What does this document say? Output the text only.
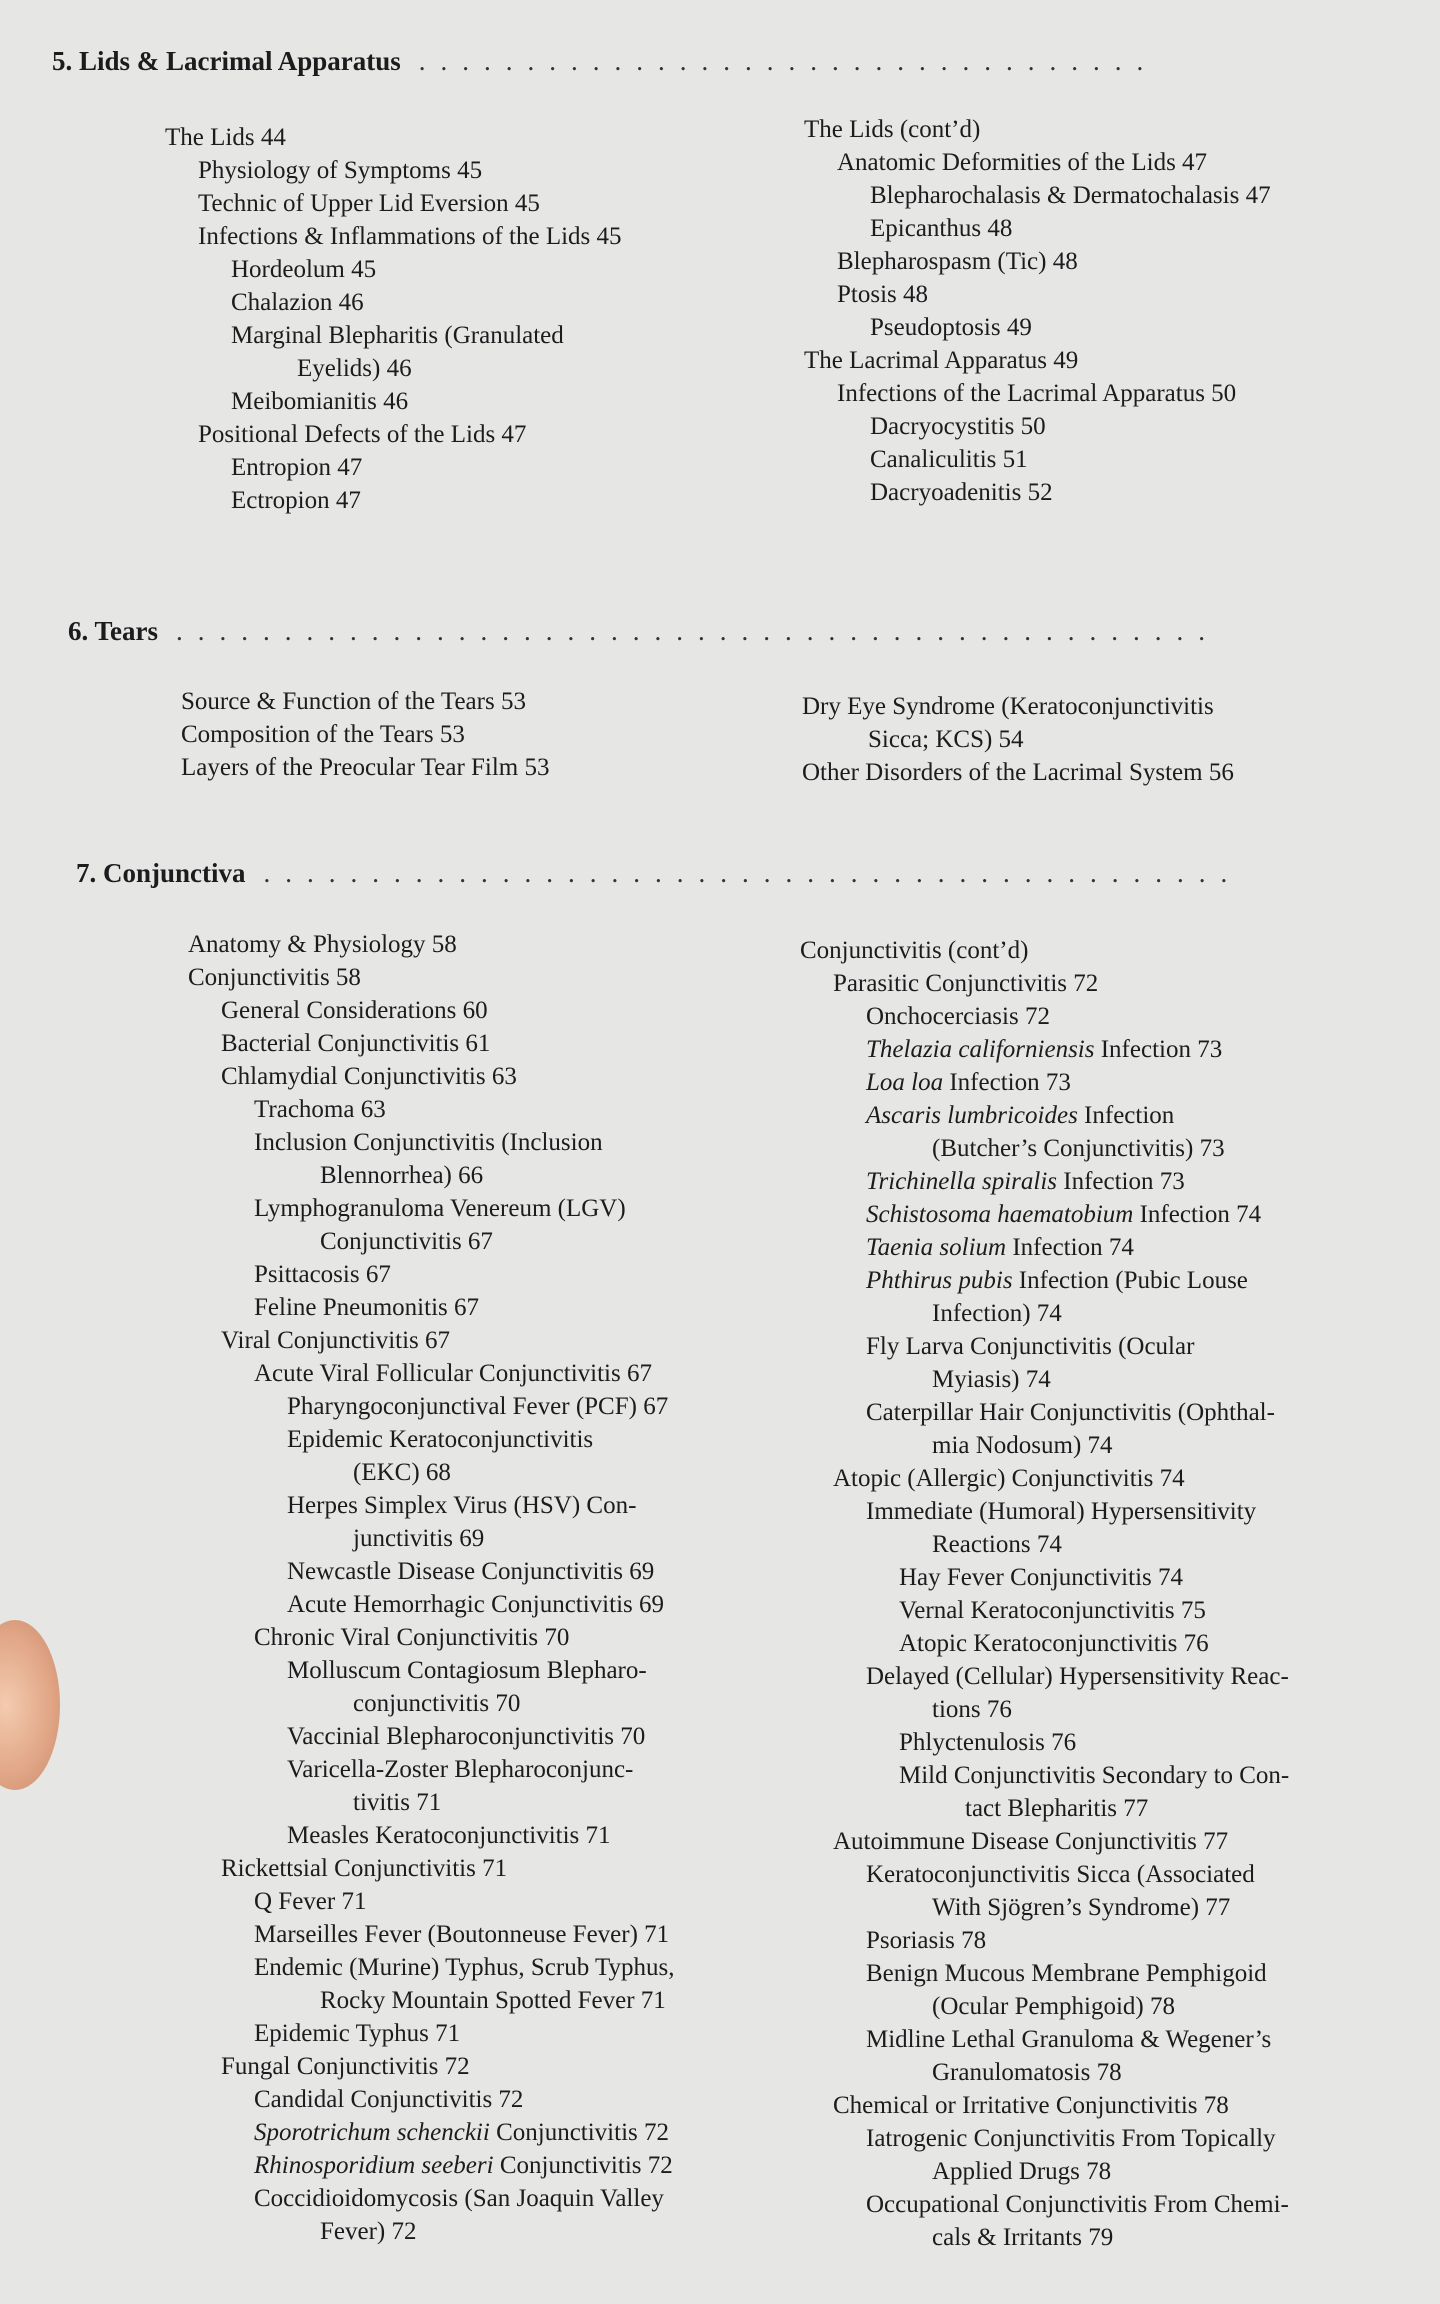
5. Lids & Lacrimal Apparatus ..................................
The Lids 44
Physiology of Symptoms 45
Technic of Upper Lid Eversion 45
Infections & Inflammations of the Lids 45
Hordeolum 45
Chalazion 46
Marginal Blepharitis (Granulated
Eyelids) 46
Meibomianitis 46
Positional Defects of the Lids 47
Entropion 47
Ectropion 47
The Lids (cont’d)
Anatomic Deformities of the Lids 47
Blepharochalasis & Dermatochalasis 47
Epicanthus 48
Blepharospasm (Tic) 48
Ptosis 48
Pseudoptosis 49
The Lacrimal Apparatus 49
Infections of the Lacrimal Apparatus 50
Dacryocystitis 50
Canaliculitis 51
Dacryoadenitis 52
6. Tears ................................................
Source & Function of the Tears 53
Composition of the Tears 53
Layers of the Preocular Tear Film 53
Dry Eye Syndrome (Keratoconjunctivitis
Sicca; KCS) 54
Other Disorders of the Lacrimal System 56
7. Conjunctiva .............................................
Anatomy & Physiology 58
Conjunctivitis 58
General Considerations 60
Bacterial Conjunctivitis 61
Chlamydial Conjunctivitis 63
Trachoma 63
Inclusion Conjunctivitis (Inclusion
Blennorrhea) 66
Lymphogranuloma Venereum (LGV)
Conjunctivitis 67
Psittacosis 67
Feline Pneumonitis 67
Viral Conjunctivitis 67
Acute Viral Follicular Conjunctivitis 67
Pharyngoconjunctival Fever (PCF) 67
Epidemic Keratoconjunctivitis
(EKC) 68
Herpes Simplex Virus (HSV) Con-
junctivitis 69
Newcastle Disease Conjunctivitis 69
Acute Hemorrhagic Conjunctivitis 69
Chronic Viral Conjunctivitis 70
Molluscum Contagiosum Blepharo-
conjunctivitis 70
Vaccinial Blepharoconjunctivitis 70
Varicella-Zoster Blepharoconjunc-
tivitis 71
Measles Keratoconjunctivitis 71
Rickettsial Conjunctivitis 71
Q Fever 71
Marseilles Fever (Boutonneuse Fever) 71
Endemic (Murine) Typhus, Scrub Typhus,
Rocky Mountain Spotted Fever 71
Epidemic Typhus 71
Fungal Conjunctivitis 72
Candidal Conjunctivitis 72
Sporotrichum schenckii Conjunctivitis 72
Rhinosporidium seeberi Conjunctivitis 72
Coccidioidomycosis (San Joaquin Valley
Fever) 72
Conjunctivitis (cont’d)
Parasitic Conjunctivitis 72
Onchocerciasis 72
Thelazia californiensis Infection 73
Loa loa Infection 73
Ascaris lumbricoides Infection
(Butcher’s Conjunctivitis) 73
Trichinella spiralis Infection 73
Schistosoma haematobium Infection 74
Taenia solium Infection 74
Phthirus pubis Infection (Pubic Louse
Infection) 74
Fly Larva Conjunctivitis (Ocular
Myiasis) 74
Caterpillar Hair Conjunctivitis (Ophthal-
mia Nodosum) 74
Atopic (Allergic) Conjunctivitis 74
Immediate (Humoral) Hypersensitivity
Reactions 74
Hay Fever Conjunctivitis 74
Vernal Keratoconjunctivitis 75
Atopic Keratoconjunctivitis 76
Delayed (Cellular) Hypersensitivity Reac-
tions 76
Phlyctenulosis 76
Mild Conjunctivitis Secondary to Con-
tact Blepharitis 77
Autoimmune Disease Conjunctivitis 77
Keratoconjunctivitis Sicca (Associated
With Sjögren’s Syndrome) 77
Psoriasis 78
Benign Mucous Membrane Pemphigoid
(Ocular Pemphigoid) 78
Midline Lethal Granuloma & Wegener’s
Granulomatosis 78
Chemical or Irritative Conjunctivitis 78
Iatrogenic Conjunctivitis From Topically
Applied Drugs 78
Occupational Conjunctivitis From Chemi-
cals & Irritants 79
